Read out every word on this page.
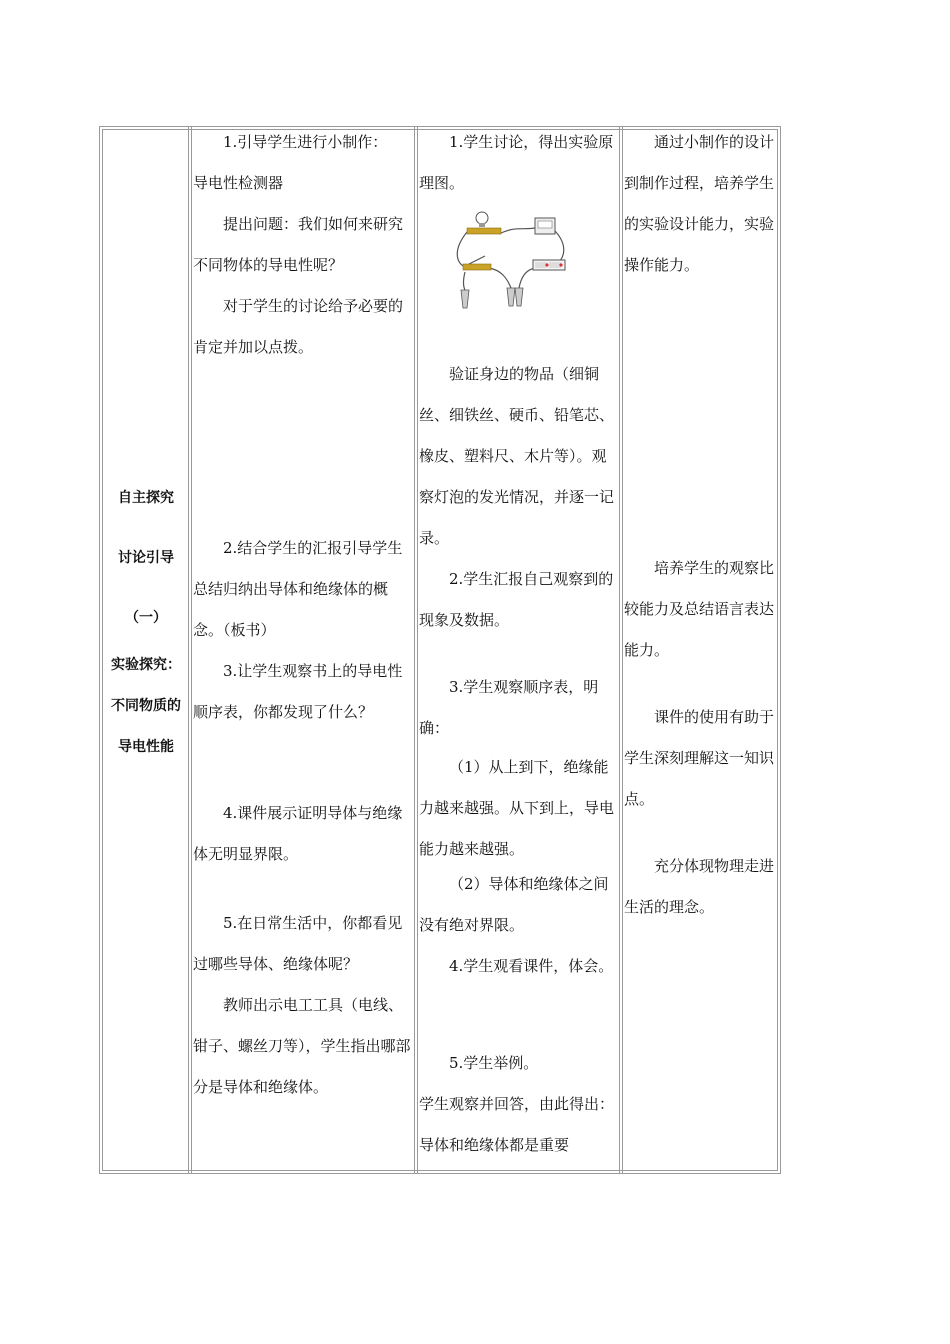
自主探究

讨论引导

（一）

实验探究：

不同物质的

导电性能

1.引导学生进行小制作：

导电性检测器

提出问题：我们如何来研究不同物体的导电性呢？

对于学生的讨论给予必要的肯定并加以点拨。

2.结合学生的汇报引导学生总结归纳出导体和绝缘体的概念。（板书）

3.让学生观察书上的导电性顺序表，你都发现了什么？

4.课件展示证明导体与绝缘体无明显界限。

5.在日常生活中，你都看见过哪些导体、绝缘体呢？

教师出示电工工具（电线、钳子、螺丝刀等），学生指出哪部分是导体和绝缘体。

1.学生讨论，得出实验原理图。

验证身边的物品（细铜丝、细铁丝、硬币、铅笔芯、橡皮、塑料尺、木片等）。观察灯泡的发光情况，并逐一记录。

2.学生汇报自己观察到的现象及数据。

3.学生观察顺序表，明确：

（1）从上到下，绝缘能力越来越强。从下到上，导电能力越来越强。

（2）导体和绝缘体之间没有绝对界限。

4.学生观看课件，体会。

5.学生举例。

学生观察并回答，由此得出：导体和绝缘体都是重要

通过小制作的设计到制作过程，培养学生的实验设计能力，实验操作能力。

培养学生的观察比较能力及总结语言表达能力。

课件的使用有助于学生深刻理解这一知识点。

充分体现物理走进生活的理念。
